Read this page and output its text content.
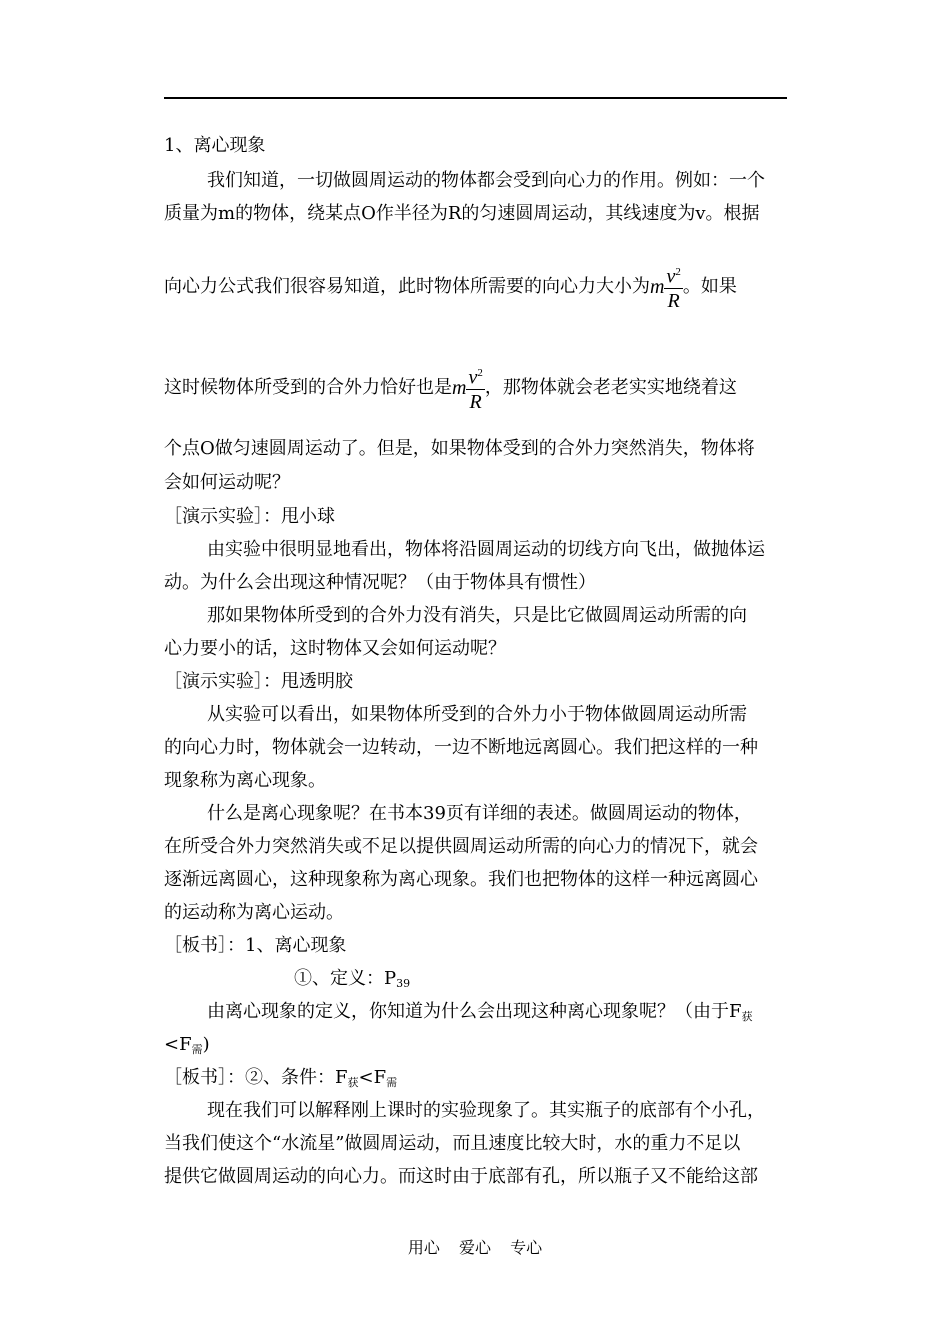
1、离心现象
我们知道，一切做圆周运动的物体都会受到向心力的作用。例如：一个
质量为m的物体，绕某点O作半径为R的匀速圆周运动，其线速度为v。根据
向心力公式我们很容易知道，此时物体所需要的向心力大小为m $\frac{v^2}{R}$ 。如果
这时候物体所受到的合外力恰好也是m $\frac{v^2}{R}$ ，那物体就会老老实实地绕着这
个点O做匀速圆周运动了。但是，如果物体受到的合外力突然消失，物体将
会如何运动呢？
［演示实验］：甩小球
由实验中很明显地看出，物体将沿圆周运动的切线方向飞出，做抛体运
动。为什么会出现这种情况呢？（由于物体具有惯性）
那如果物体所受到的合外力没有消失，只是比它做圆周运动所需的向
心力要小的话，这时物体又会如何运动呢？
［演示实验］：甩透明胶
从实验可以看出，如果物体所受到的合外力小于物体做圆周运动所需
的向心力时，物体就会一边转动，一边不断地远离圆心。我们把这样的一种
现象称为离心现象。
什么是离心现象呢？在书本39页有详细的表述。做圆周运动的物体，
在所受合外力突然消失或不足以提供圆周运动所需的向心力的情况下，就会
逐渐远离圆心，这种现象称为离心现象。我们也把物体的这样一种远离圆心
的运动称为离心运动。
［板书］：1、离心现象
①、定义：$P_{39}$
由离心现象的定义，你知道为什么会出现这种离心现象呢？（由于$F_获$
$<F_需$)
［板书］：②、条件：$F_获<F_需$
现在我们可以解释刚上课时的实验现象了。其实瓶子的底部有个小孔，
当我们使这个“水流星”做圆周运动，而且速度比较大时，水的重力不足以
提供它做圆周运动的向心力。而这时由于底部有孔，所以瓶子又不能给这部
用心 爱心 专心
